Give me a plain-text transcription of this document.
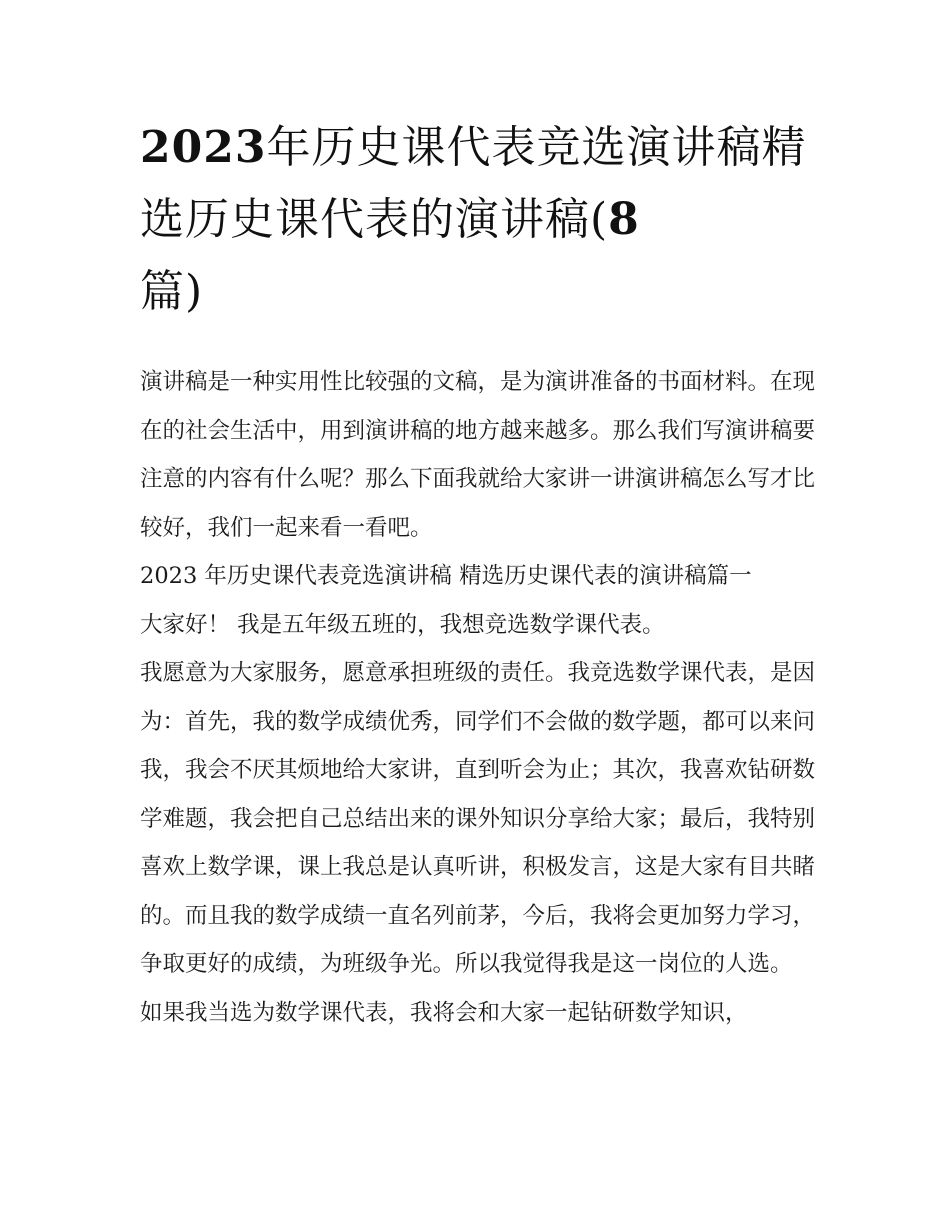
2023年历史课代表竞选演讲稿精选历史课代表的演讲稿(8
篇)

演讲稿是一种实用性比较强的文稿，是为演讲准备的书面材料。在现在的社会生活中，用到演讲稿的地方越来越多。那么我们写演讲稿要注意的内容有什么呢？那么下面我就给大家讲一讲演讲稿怎么写才比较好，我们一起来看一看吧。

2023 年历史课代表竞选演讲稿 精选历史课代表的演讲稿篇一

大家好！ 我是五年级五班的，我想竞选数学课代表。

我愿意为大家服务，愿意承担班级的责任。我竞选数学课代表，是因为：首先，我的数学成绩优秀，同学们不会做的数学题，都可以来问我，我会不厌其烦地给大家讲，直到听会为止；其次，我喜欢钻研数学难题，我会把自己总结出来的课外知识分享给大家；最后，我特别喜欢上数学课，课上我总是认真听讲，积极发言，这是大家有目共睹的。而且我的数学成绩一直名列前茅，今后，我将会更加努力学习，争取更好的成绩，为班级争光。所以我觉得我是这一岗位的人选。

如果我当选为数学课代表，我将会和大家一起钻研数学知识，
